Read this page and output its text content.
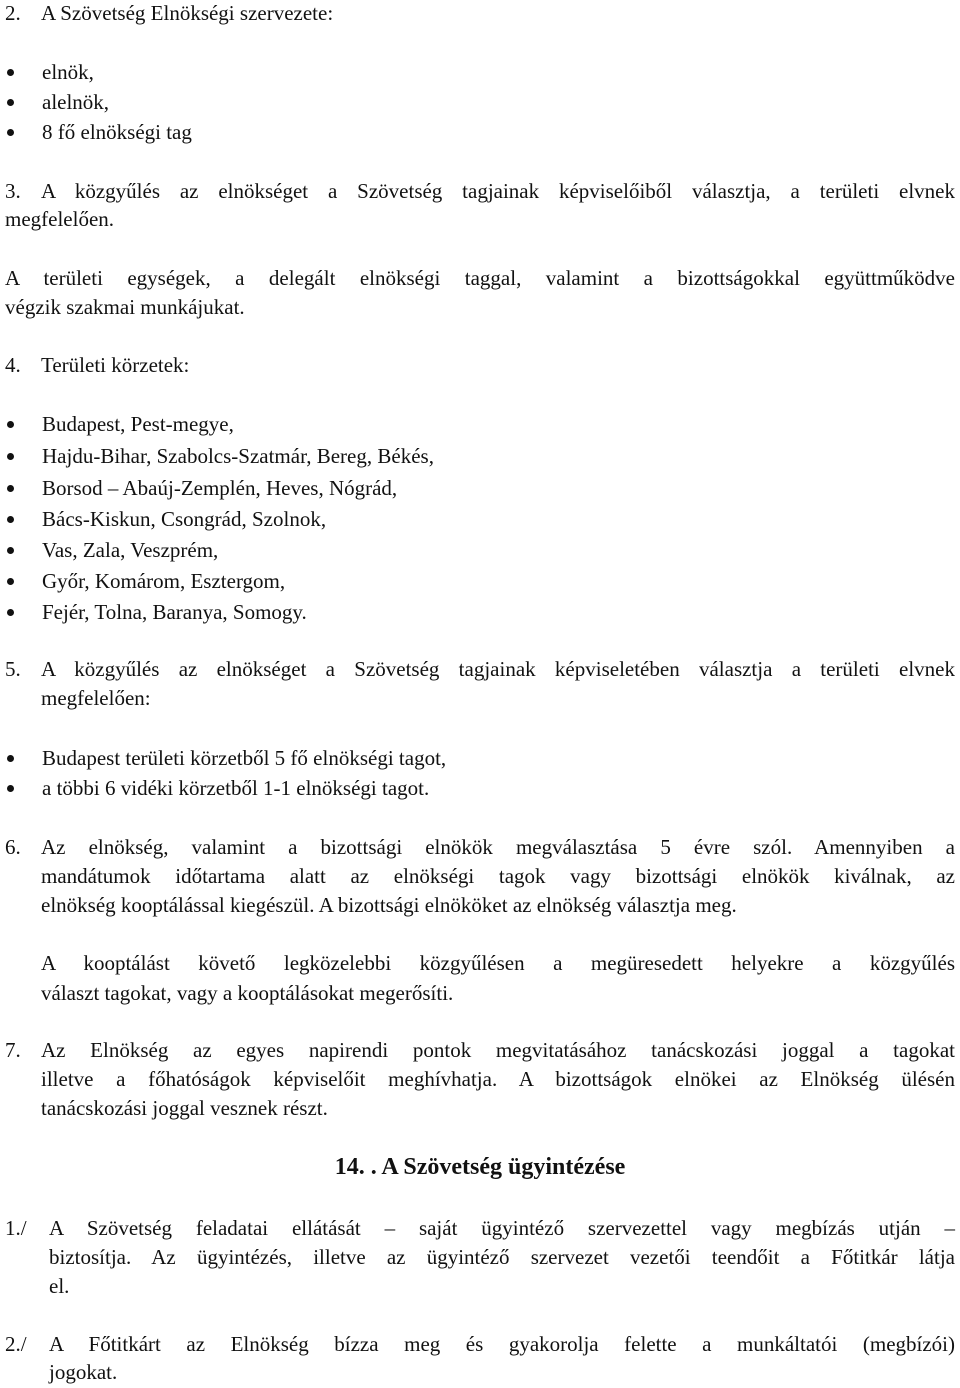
2. A Szövetség Elnökségi szervezete:
elnök,
alelnök,
8 fő elnökségi tag
3. A közgyűlés az elnökséget a Szövetség tagjainak képviselőiből választja, a területi elvnek
megfelelően.
A területi egységek, a delegált elnökségi taggal, valamint a bizottságokkal együttműködve
végzik szakmai munkájukat.
4. Területi körzetek:
Budapest, Pest-megye,
Hajdu-Bihar, Szabolcs-Szatmár, Bereg, Békés,
Borsod – Abaúj-Zemplén, Heves, Nógrád,
Bács-Kiskun, Csongrád, Szolnok,
Vas, Zala, Veszprém,
Győr, Komárom, Esztergom,
Fejér, Tolna, Baranya, Somogy.
5. A közgyűlés az elnökséget a Szövetség tagjainak képviseletében választja a területi elvnek
megfelelően:
Budapest területi körzetből 5 fő elnökségi tagot,
a többi 6 vidéki körzetből 1-1 elnökségi tagot.
6. Az elnökség, valamint a bizottsági elnökök megválasztása 5 évre szól. Amennyiben a
mandátumok időtartama alatt az elnökségi tagok vagy bizottsági elnökök kiválnak, az
elnökség kooptálással kiegészül. A bizottsági elnököket az elnökség választja meg.
A kooptálást követő legközelebbi közgyűlésen a megüresedett helyekre a közgyűlés
választ tagokat, vagy a kooptálásokat megerősíti.
7. Az Elnökség az egyes napirendi pontok megvitatásához tanácskozási joggal a tagokat
illetve a főhatóságok képviselőit meghívhatja. A bizottságok elnökei az Elnökség ülésén
tanácskozási joggal vesznek részt.
14. . A Szövetség ügyintézése
1./ A Szövetség feladatai ellátását – saját ügyintéző szervezettel vagy megbízás utján –
biztosítja. Az ügyintézés, illetve az ügyintéző szervezet vezetői teendőit a Főtitkár látja
el.
2./ A Főtitkárt az Elnökség bízza meg és gyakorolja felette a munkáltatói (megbízói)
jogokat.
